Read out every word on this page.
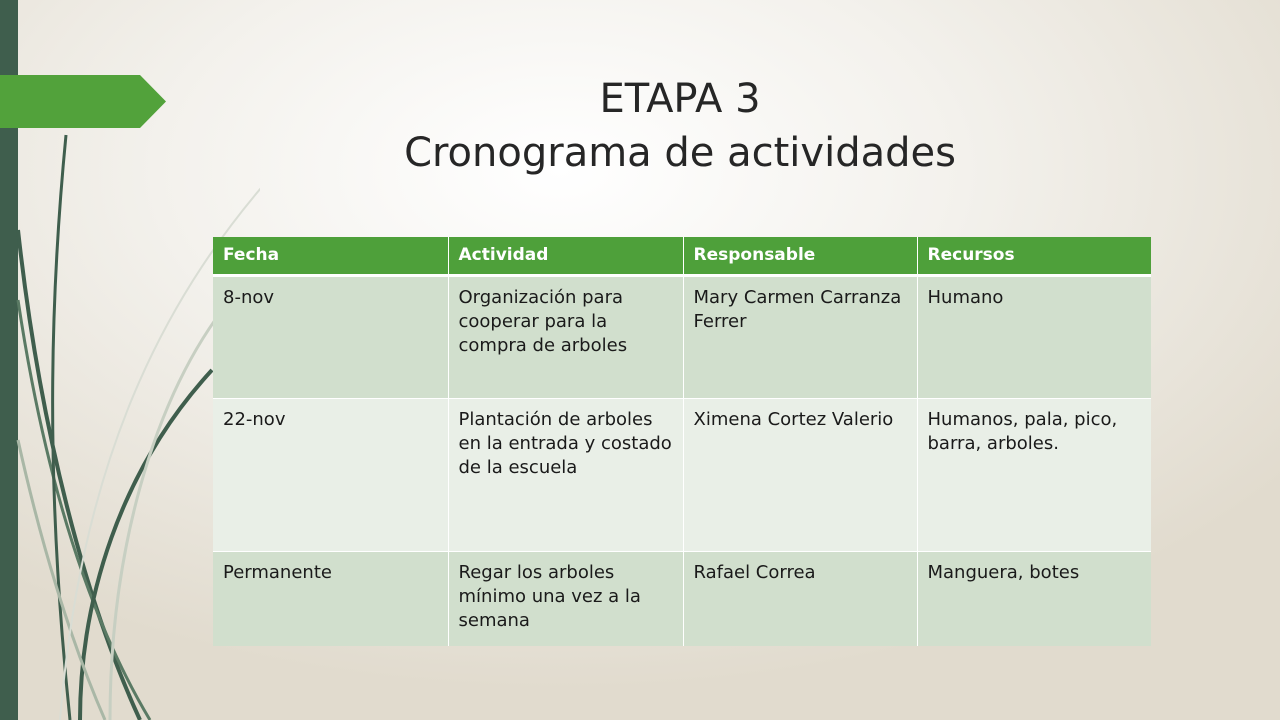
ETAPA 3
Cronograma de actividades
Fecha	Actividad	Responsable	Recursos
8-nov	Organización para cooperar para la compra de arboles	Mary Carmen Carranza Ferrer	Humano
22-nov	Plantación de arboles en la entrada y costado de la escuela	Ximena Cortez Valerio	Humanos, pala, pico, barra, arboles.
Permanente	Regar los arboles mínimo una vez a la semana	Rafael Correa	Manguera, botes
